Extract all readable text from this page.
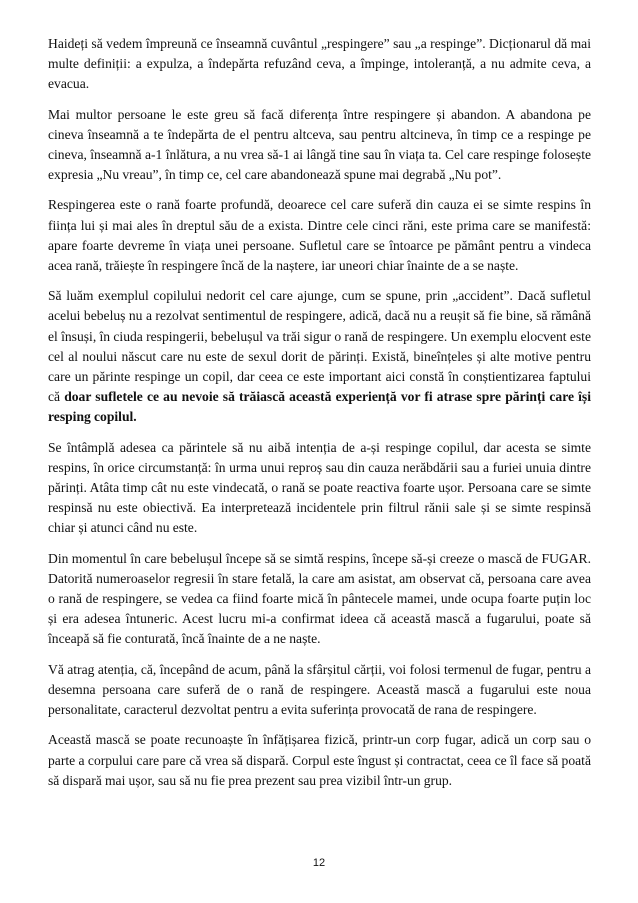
Haideți să vedem împreună ce înseamnă cuvântul „respingere” sau „a respinge”. Dicționarul dă mai multe definiții: a expulza, a îndepărta refuzând ceva, a împinge, intoleranță, a nu admite ceva, a evacua.

Mai multor persoane le este greu să facă diferența între respingere și abandon. A abandona pe cineva înseamnă a te îndepărta de el pentru altceva, sau pentru altcineva, în timp ce a respinge pe cineva, înseamnă a-1 înlătura, a nu vrea să-1 ai lângă tine sau în viața ta. Cel care respinge folosește expresia „Nu vreau”, în timp ce, cel care abandonează spune mai degrabă „Nu pot”.

Respingerea este o rană foarte profundă, deoarece cel care suferă din cauza ei se simte respins în ființa lui și mai ales în dreptul său de a exista. Dintre cele cinci răni, este prima care se manifestă: apare foarte devreme în viața unei persoane. Sufletul care se întoarce pe pământ pentru a vindeca acea rană, trăiește în respingere încă de la naștere, iar uneori chiar înainte de a se naște.

Să luăm exemplul copilului nedorit cel care ajunge, cum se spune, prin „accident”. Dacă sufletul acelui bebeluș nu a rezolvat sentimentul de respingere, adică, dacă nu a reușit să fie bine, să rămână el însuși, în ciuda respingerii, bebelușul va trăi sigur o rană de respingere. Un exemplu elocvent este cel al noului născut care nu este de sexul dorit de părinți. Există, bineînțeles și alte motive pentru care un părinte respinge un copil, dar ceea ce este important aici constă în conștientizarea faptului că doar sufletele ce au nevoie să trăiască această experiență vor fi atrase spre părinți care își resping copilul.

Se întâmplă adesea ca părintele să nu aibă intenția de a-și respinge copilul, dar acesta se simte respins, în orice circumstanță: în urma unui reproș sau din cauza nerăbdării sau a furiei unuia dintre părinți. Atâta timp cât nu este vindecată, o rană se poate reactiva foarte ușor. Persoana care se simte respinsă nu este obiectivă. Ea interpretează incidentele prin filtrul rănii sale și se simte respinsă chiar și atunci când nu este.

Din momentul în care bebelușul începe să se simtă respins, începe să-și creeze o mască de FUGAR. Datorită numeroaselor regresii în stare fetală, la care am asistat, am observat că, persoana care avea o rană de respingere, se vedea ca fiind foarte mică în pântecele mamei, unde ocupa foarte puțin loc și era adesea întuneric. Acest lucru mi-a confirmat ideea că această mască a fugarului, poate să înceapă să fie conturată, încă înainte de a ne naște.

Vă atrag atenția, că, începând de acum, până la sfârșitul cărții, voi folosi termenul de fugar, pentru a desemna persoana care suferă de o rană de respingere. Această mască a fugarului este noua personalitate, caracterul dezvoltat pentru a evita suferința provocată de rana de respingere.

Această mască se poate recunoaște în înfățișarea fizică, printr-un corp fugar, adică un corp sau o parte a corpului care pare că vrea să dispară. Corpul este îngust și contractat, ceea ce îl face să poată să dispară mai ușor, sau să nu fie prea prezent sau prea vizibil într-un grup.

12
